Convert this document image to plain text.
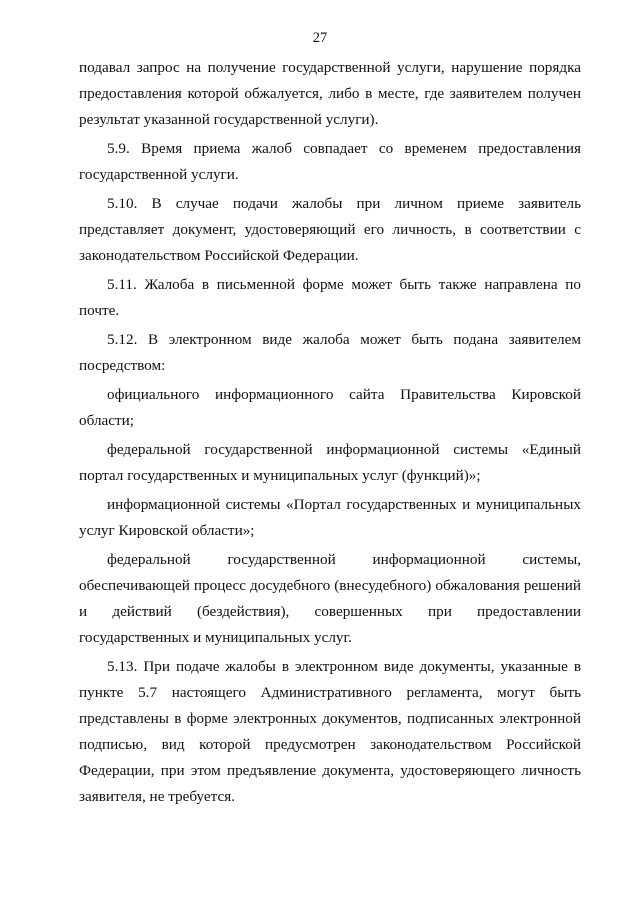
27
подавал запрос на получение государственной услуги, нарушение порядка
предоставления которой обжалуется, либо в месте, где заявителем получен
результат указанной государственной услуги).
5.9. Время приема жалоб совпадает со временем предоставления
государственной услуги.
5.10. В случае подачи жалобы при личном приеме заявитель
представляет документ, удостоверяющий его личность, в соответствии с
законодательством Российской Федерации.
5.11. Жалоба в письменной форме может быть также направлена по
почте.
5.12. В электронном виде жалоба может быть подана заявителем
посредством:
официального информационного сайта Правительства Кировской
области;
федеральной государственной информационной системы «Единый
портал государственных и муниципальных услуг (функций)»;
информационной системы «Портал государственных и муниципальных
услуг Кировской области»;
федеральной государственной информационной системы,
обеспечивающей процесс досудебного (внесудебного) обжалования решений
и действий (бездействия), совершенных при предоставлении
государственных и муниципальных услуг.
5.13. При подаче жалобы в электронном виде документы, указанные в
пункте 5.7 настоящего Административного регламента, могут быть
представлены в форме электронных документов, подписанных электронной
подписью, вид которой предусмотрен законодательством Российской
Федерации, при этом предъявление документа, удостоверяющего личность
заявителя, не требуется.
